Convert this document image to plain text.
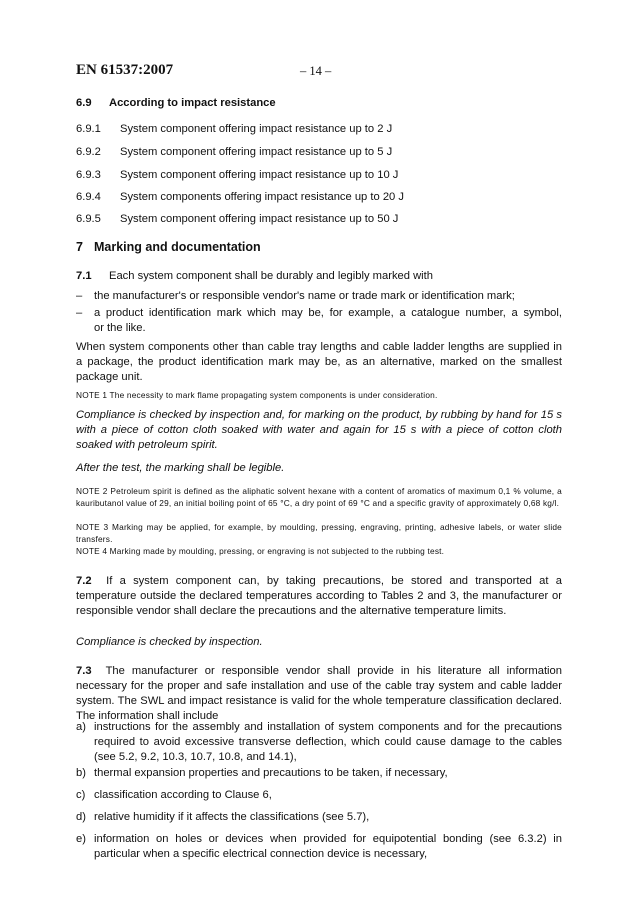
EN 61537:2007	– 14 –
6.9 According to impact resistance
6.9.1 System component offering impact resistance up to 2 J
6.9.2 System component offering impact resistance up to 5 J
6.9.3 System component offering impact resistance up to 10 J
6.9.4 System components offering impact resistance up to 20 J
6.9.5 System component offering impact resistance up to 50 J
7 Marking and documentation
7.1 Each system component shall be durably and legibly marked with
–	the manufacturer's or responsible vendor's name or trade mark or identification mark;
–	a product identification mark which may be, for example, a catalogue number, a symbol,
or the like.
When system components other than cable tray lengths and cable ladder lengths are supplied in a package, the product identification mark may be, as an alternative, marked on the smallest package unit.
NOTE 1 The necessity to mark flame propagating system components is under consideration.
Compliance is checked by inspection and, for marking on the product, by rubbing by hand for 15 s with a piece of cotton cloth soaked with water and again for 15 s with a piece of cotton cloth soaked with petroleum spirit.
After the test, the marking shall be legible.
NOTE 2 Petroleum spirit is defined as the aliphatic solvent hexane with a content of aromatics of maximum 0,1 % volume, a kauributanol value of 29, an initial boiling point of 65 °C, a dry point of 69 °C and a specific gravity of approximately 0,68 kg/l.
NOTE 3 Marking may be applied, for example, by moulding, pressing, engraving, printing, adhesive labels, or water slide transfers.
NOTE 4 Marking made by moulding, pressing, or engraving is not subjected to the rubbing test.
7.2 If a system component can, by taking precautions, be stored and transported at a temperature outside the declared temperatures according to Tables 2 and 3, the manufacturer or responsible vendor shall declare the precautions and the alternative temperature limits.
Compliance is checked by inspection.
7.3 The manufacturer or responsible vendor shall provide in his literature all information necessary for the proper and safe installation and use of the cable tray system and cable ladder system. The SWL and impact resistance is valid for the whole temperature classification declared. The information shall include
a) instructions for the assembly and installation of system components and for the precautions required to avoid excessive transverse deflection, which could cause damage to the cables (see 5.2, 9.2, 10.3, 10.7, 10.8, and 14.1),
b) thermal expansion properties and precautions to be taken, if necessary,
c) classification according to Clause 6,
d) relative humidity if it affects the classifications (see 5.7),
e) information on holes or devices when provided for equipotential bonding (see 6.3.2) in particular when a specific electrical connection device is necessary,
